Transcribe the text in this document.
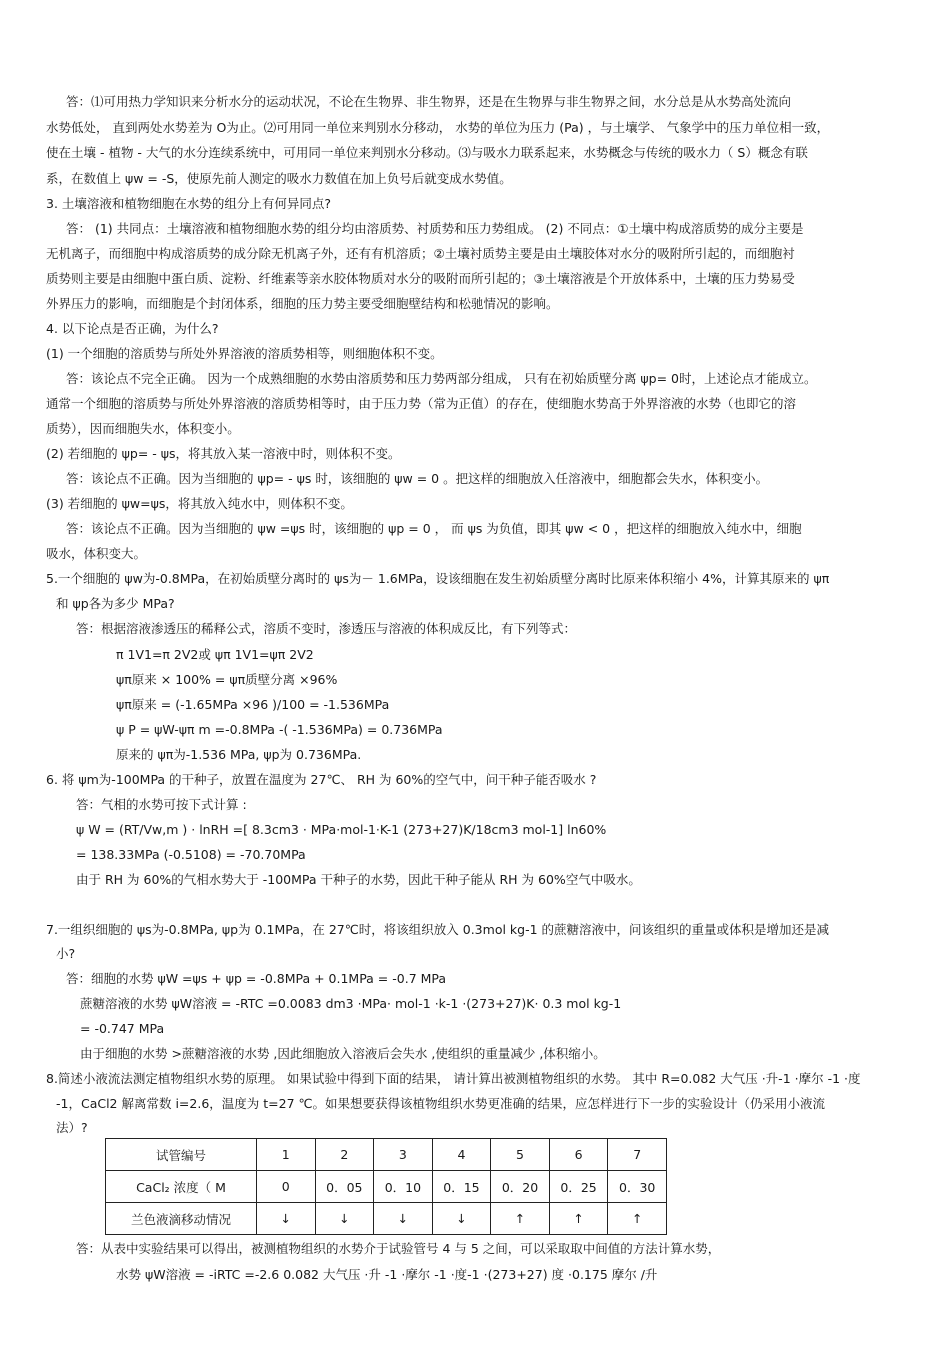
答：⑴可用热力学知识来分析水分的运动状况，不论在生物界、非生物界，还是在生物界与非生物界之间，水分总是从水势高处流向
水势低处， 直到两处水势差为 O为止。⑵可用同一单位来判别水分移动， 水势的单位为压力 (Pa) ，与土壤学、 气象学中的压力单位相一致，
使在土壤 - 植物 - 大气的水分连续系统中，可用同一单位来判别水分移动。⑶与吸水力联系起来，水势概念与传统的吸水力（ S）概念有联
系，在数值上 ψw = -S，使原先前人测定的吸水力数值在加上负号后就变成水势值。
3. 土壤溶液和植物细胞在水势的组分上有何异同点?
答： (1) 共同点：土壤溶液和植物细胞水势的组分均由溶质势、衬质势和压力势组成。 (2) 不同点：①土壤中构成溶质势的成分主要是
无机离子，而细胞中构成溶质势的成分除无机离子外，还有有机溶质；②土壤衬质势主要是由土壤胶体对水分的吸附所引起的，而细胞衬
质势则主要是由细胞中蛋白质、淀粉、纤维素等亲水胶体物质对水分的吸附而所引起的；③土壤溶液是个开放体系中，土壤的压力势易受
外界压力的影响，而细胞是个封闭体系，细胞的压力势主要受细胞壁结构和松驰情况的影响。
4. 以下论点是否正确，为什么?
(1) 一个细胞的溶质势与所处外界溶液的溶质势相等，则细胞体积不变。
答：该论点不完全正确。 因为一个成熟细胞的水势由溶质势和压力势两部分组成， 只有在初始质壁分离 ψp= 0时，上述论点才能成立。
通常一个细胞的溶质势与所处外界溶液的溶质势相等时，由于压力势（常为正值）的存在，使细胞水势高于外界溶液的水势（也即它的溶
质势），因而细胞失水，体积变小。
(2) 若细胞的 ψp= - ψs，将其放入某一溶液中时，则体积不变。
答：该论点不正确。因为当细胞的 ψp= - ψs 时，该细胞的 ψw = 0 。把这样的细胞放入任溶液中，细胞都会失水，体积变小。
(3) 若细胞的 ψw=ψs，将其放入纯水中，则体积不变。
答：该论点不正确。因为当细胞的 ψw =ψs 时，该细胞的 ψp = 0 ， 而 ψs 为负值，即其 ψw < 0 ，把这样的细胞放入纯水中，细胞
吸水，体积变大。
5.一个细胞的 ψw为-0.8MPa，在初始质壁分离时的 ψs为－ 1.6MPa，设该细胞在发生初始质壁分离时比原来体积缩小 4%，计算其原来的 ψπ
和 ψp各为多少 MPa?
答：根据溶液渗透压的稀释公式，溶质不变时，渗透压与溶液的体积成反比，有下列等式：
π 1V1=π 2V2或 ψπ 1V1=ψπ 2V2
ψπ原来 × 100% = ψπ质壁分离 ×96%
ψπ原来 = (-1.65MPa ×96 )/100 = -1.536MPa
ψ P = ψW-ψπ m =-0.8MPa -( -1.536MPa) = 0.736MPa
原来的 ψπ为-1.536 MPa, ψp为 0.736MPa.
6. 将 ψm为-100MPa 的干种子，放置在温度为 27℃、 RH 为 60%的空气中，问干种子能否吸水 ?
答：气相的水势可按下式计算 :
ψ W = (RT/Vw,m ) · lnRH =[ 8.3cm3 · MPa·mol-1·K-1 (273+27)K/18cm3 mol-1] ln60%
= 138.33MPa (-0.5108) = -70.70MPa
由于 RH 为 60%的气相水势大于 -100MPa 干种子的水势，因此干种子能从 RH 为 60%空气中吸水。
7.一组织细胞的 ψs为-0.8MPa, ψp为 0.1MPa，在 27℃时，将该组织放入 0.3mol kg-1 的蔗糖溶液中，问该组织的重量或体积是增加还是减
小?
答：细胞的水势 ψW =ψs + ψp = -0.8MPa + 0.1MPa = -0.7 MPa
蔗糖溶液的水势 ψW溶液 = -RTC =0.0083 dm3 ·MPa· mol-1 ·k-1 ·(273+27)K· 0.3 mol kg-1
= -0.747 MPa
由于细胞的水势 >蔗糖溶液的水势 ,因此细胞放入溶液后会失水 ,使组织的重量减少 ,体积缩小。
8.简述小液流法测定植物组织水势的原理。 如果试验中得到下面的结果， 请计算出被测植物组织的水势。 其中 R=0.082 大气压 ·升-1 ·摩尔 -1 ·度
-1，CaCl2 解离常数 i=2.6，温度为 t=27 ℃。如果想要获得该植物组织水势更准确的结果，应怎样进行下一步的实验设计（仍采用小液流
法）?
试管编号	1	2	3	4	5	6	7
CaCl₂ 浓度（ M	0	0．05	0．10	0．15	0．20	0．25	0．30
兰色液滴移动情况	↓	↓	↓	↓	↑	↑	↑
答：从表中实验结果可以得出，被测植物组织的水势介于试验管号 4 与 5 之间，可以采取取中间值的方法计算水势，
水势 ψW溶液 = -iRTC =-2.6 0.082 大气压 ·升 -1 ·摩尔 -1 ·度-1 ·(273+27) 度 ·0.175 摩尔 /升
